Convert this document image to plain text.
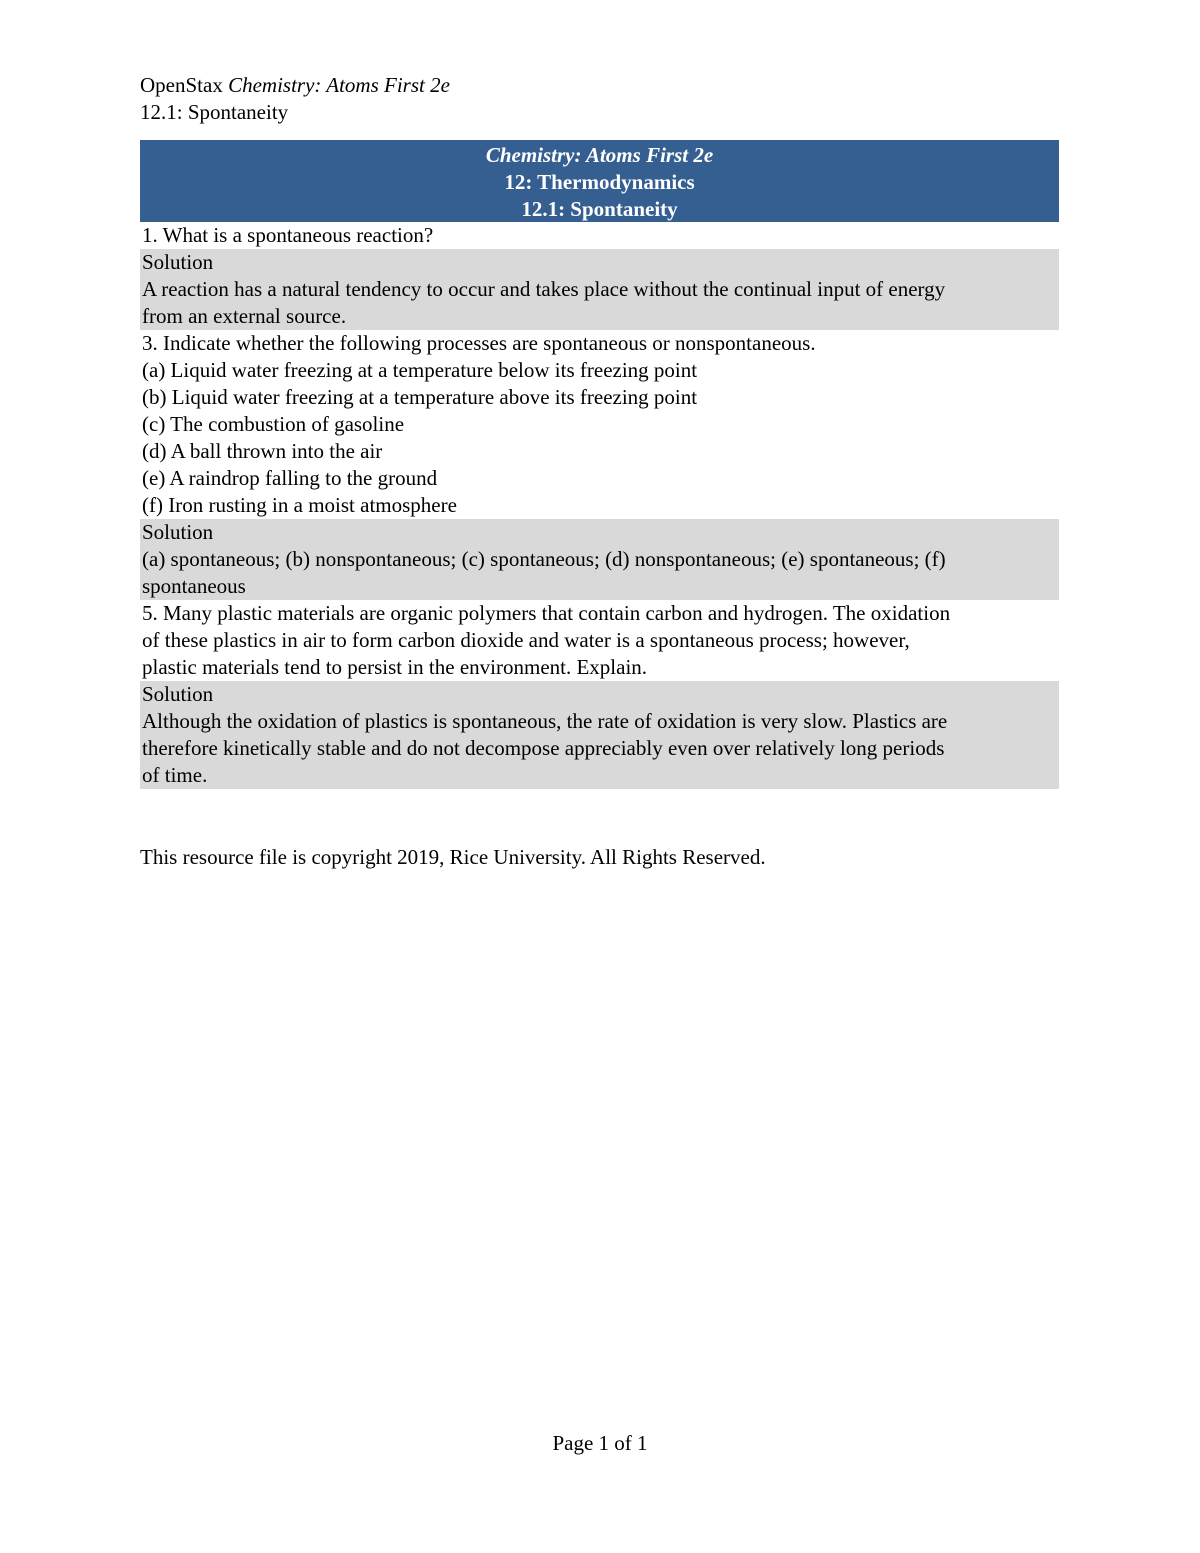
OpenStax Chemistry: Atoms First 2e
12.1: Spontaneity
Chemistry: Atoms First 2e
12: Thermodynamics
12.1: Spontaneity
1. What is a spontaneous reaction?
Solution
A reaction has a natural tendency to occur and takes place without the continual input of energy
from an external source.
3. Indicate whether the following processes are spontaneous or nonspontaneous.
(a) Liquid water freezing at a temperature below its freezing point
(b) Liquid water freezing at a temperature above its freezing point
(c) The combustion of gasoline
(d) A ball thrown into the air
(e) A raindrop falling to the ground
(f) Iron rusting in a moist atmosphere
Solution
(a) spontaneous; (b) nonspontaneous; (c) spontaneous; (d) nonspontaneous; (e) spontaneous; (f)
spontaneous
5. Many plastic materials are organic polymers that contain carbon and hydrogen. The oxidation
of these plastics in air to form carbon dioxide and water is a spontaneous process; however,
plastic materials tend to persist in the environment. Explain.
Solution
Although the oxidation of plastics is spontaneous, the rate of oxidation is very slow. Plastics are
therefore kinetically stable and do not decompose appreciably even over relatively long periods
of time.
This resource file is copyright 2019, Rice University. All Rights Reserved.
Page 1 of 1
